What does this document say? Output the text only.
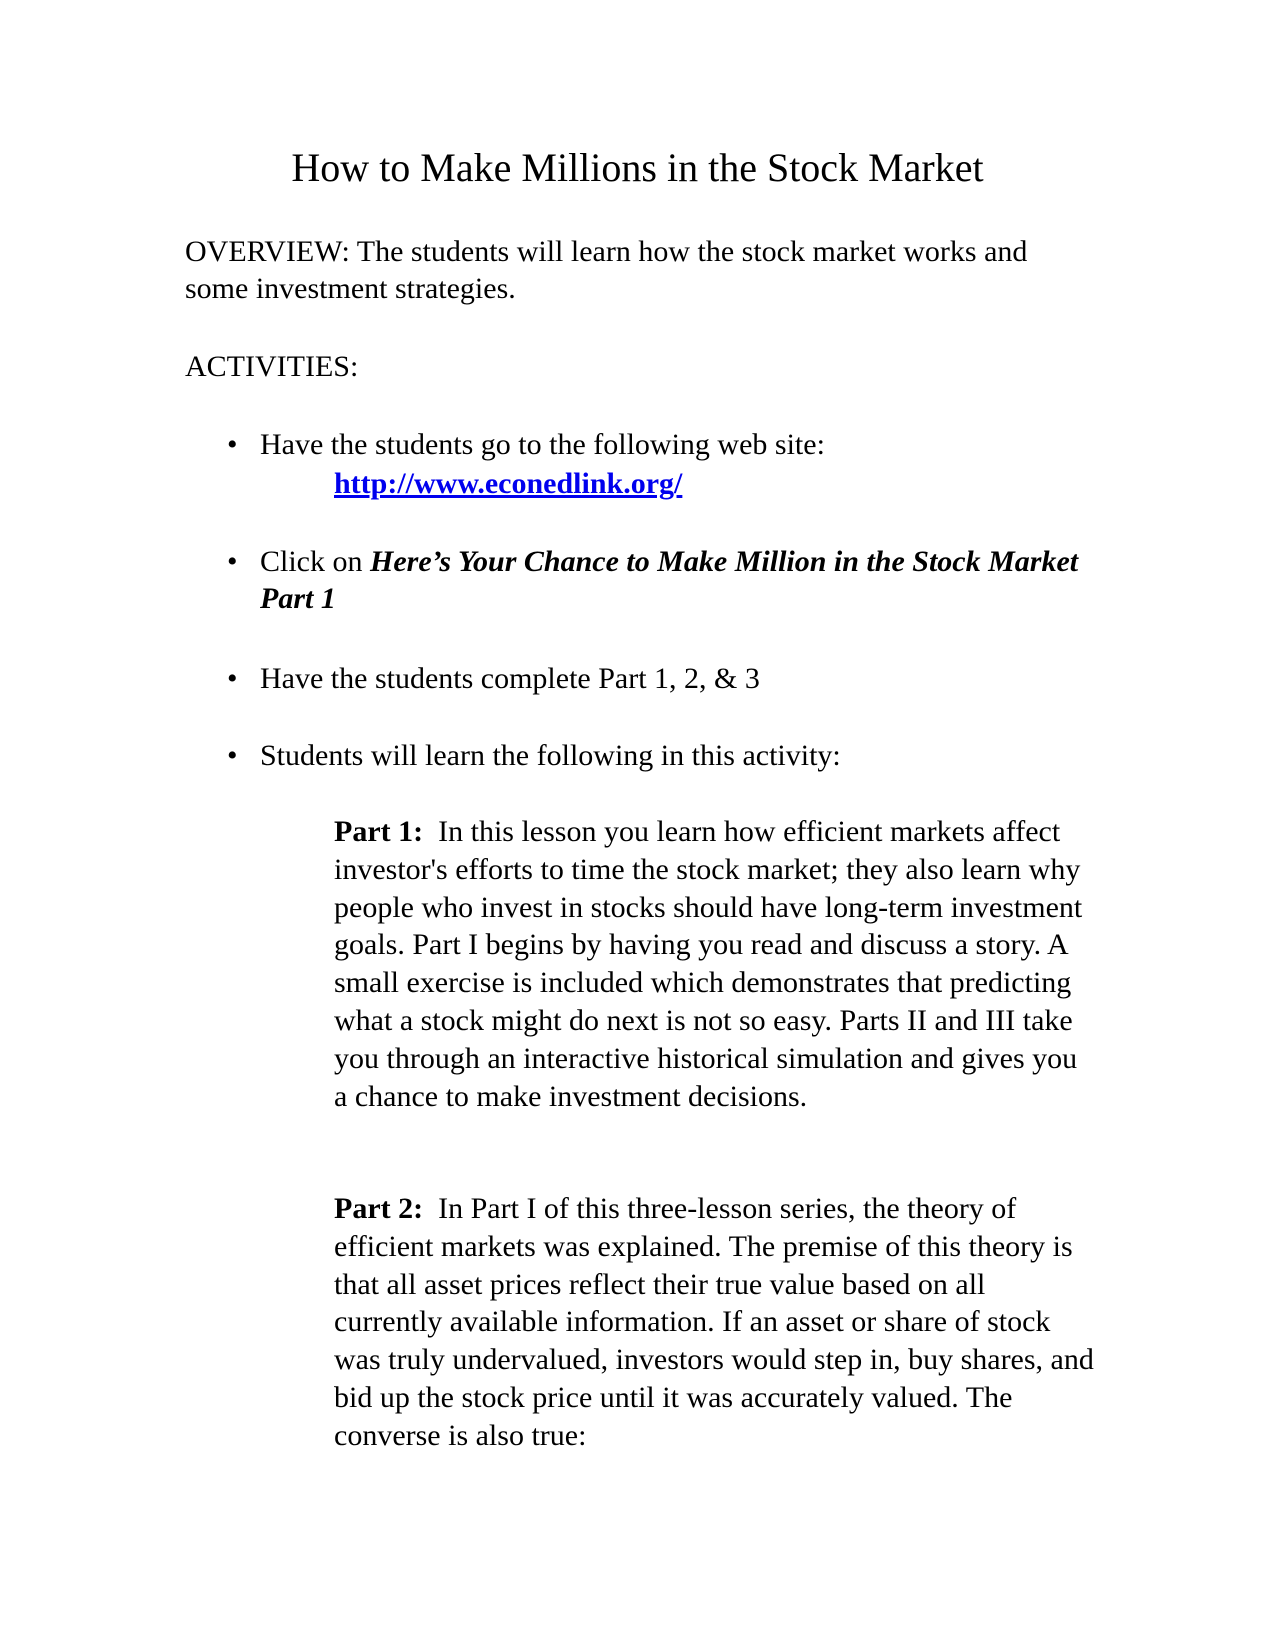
How to Make Millions in the Stock Market

OVERVIEW: The students will learn how the stock market works and some investment strategies.

ACTIVITIES:
• Have the students go to the following web site:
http://www.econedlink.org/
• Click on Here’s Your Chance to Make Million in the Stock Market Part 1
• Have the students complete Part 1, 2, & 3
• Students will learn the following in this activity:

Part 1: In this lesson you learn how efficient markets affect investor's efforts to time the stock market; they also learn why people who invest in stocks should have long-term investment goals. Part I begins by having you read and discuss a story. A small exercise is included which demonstrates that predicting what a stock might do next is not so easy. Parts II and III take you through an interactive historical simulation and gives you a chance to make investment decisions.

Part 2: In Part I of this three-lesson series, the theory of efficient markets was explained. The premise of this theory is that all asset prices reflect their true value based on all currently available information. If an asset or share of stock was truly undervalued, investors would step in, buy shares, and bid up the stock price until it was accurately valued. The converse is also true:
